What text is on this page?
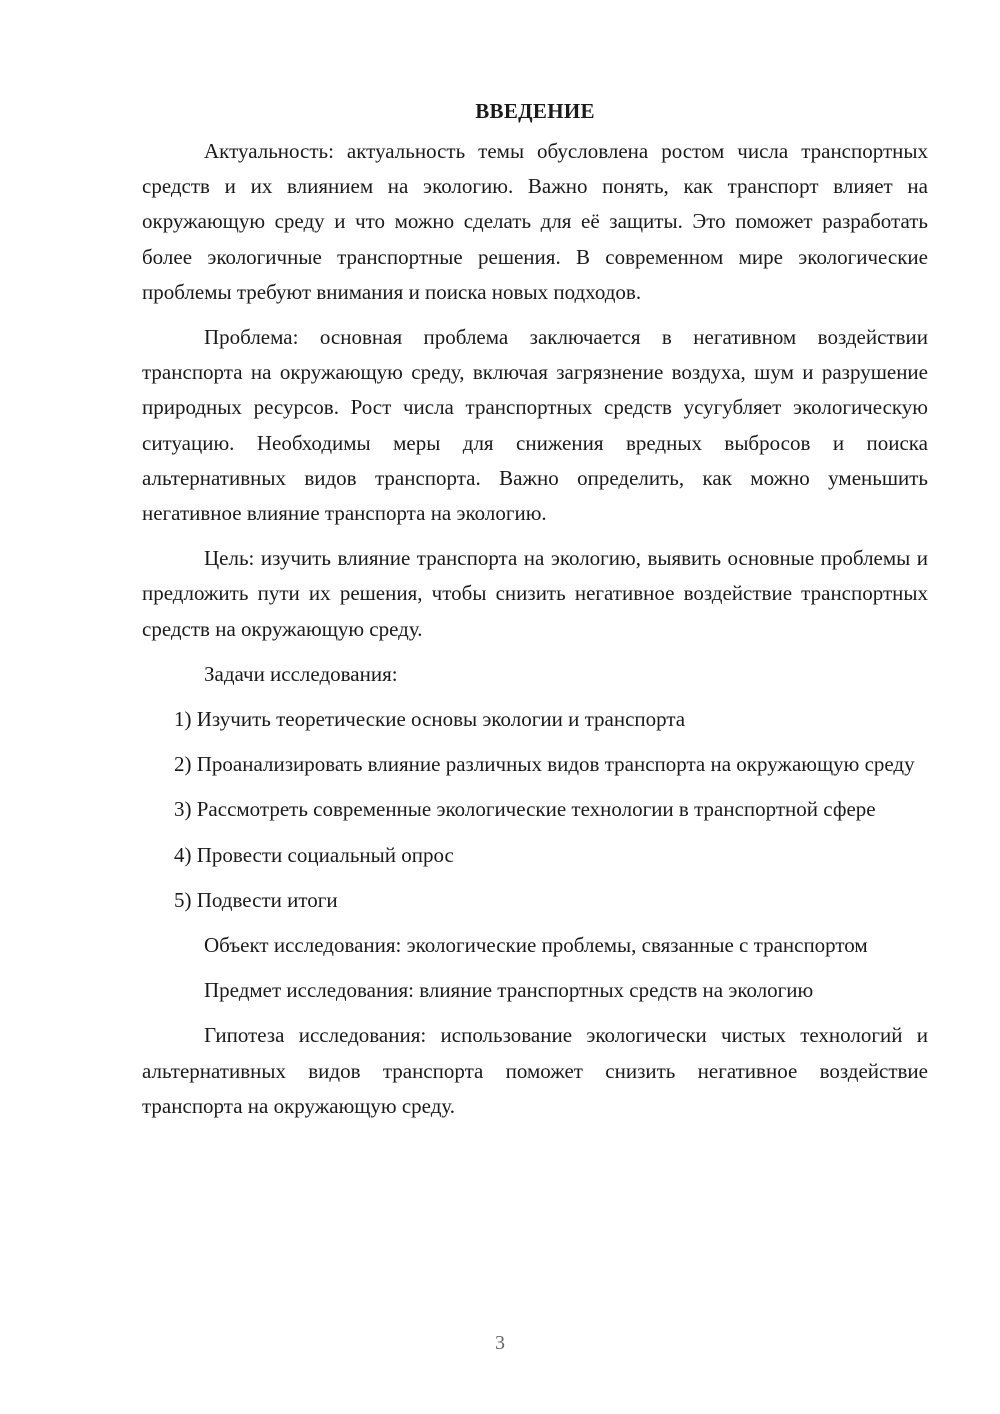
ВВЕДЕНИЕ

Актуальность: актуальность темы обусловлена ростом числа транспортных средств и их влиянием на экологию. Важно понять, как транспорт влияет на окружающую среду и что можно сделать для её защиты. Это поможет разработать более экологичные транспортные решения. В современном мире экологические проблемы требуют внимания и поиска новых подходов.

Проблема: основная проблема заключается в негативном воздействии транспорта на окружающую среду, включая загрязнение воздуха, шум и разрушение природных ресурсов. Рост числа транспортных средств усугубляет экологическую ситуацию. Необходимы меры для снижения вредных выбросов и поиска альтернативных видов транспорта. Важно определить, как можно уменьшить негативное влияние транспорта на экологию.

Цель: изучить влияние транспорта на экологию, выявить основные проблемы и предложить пути их решения, чтобы снизить негативное воздействие транспортных средств на окружающую среду.

Задачи исследования:

1) Изучить теоретические основы экологии и транспорта

2) Проанализировать влияние различных видов транспорта на окружающую среду

3) Рассмотреть современные экологические технологии в транспортной сфере

4) Провести социальный опрос

5) Подвести итоги

Объект исследования: экологические проблемы, связанные с транспортом

Предмет исследования: влияние транспортных средств на экологию

Гипотеза исследования: использование экологически чистых технологий и альтернативных видов транспорта поможет снизить негативное воздействие транспорта на окружающую среду.

3
